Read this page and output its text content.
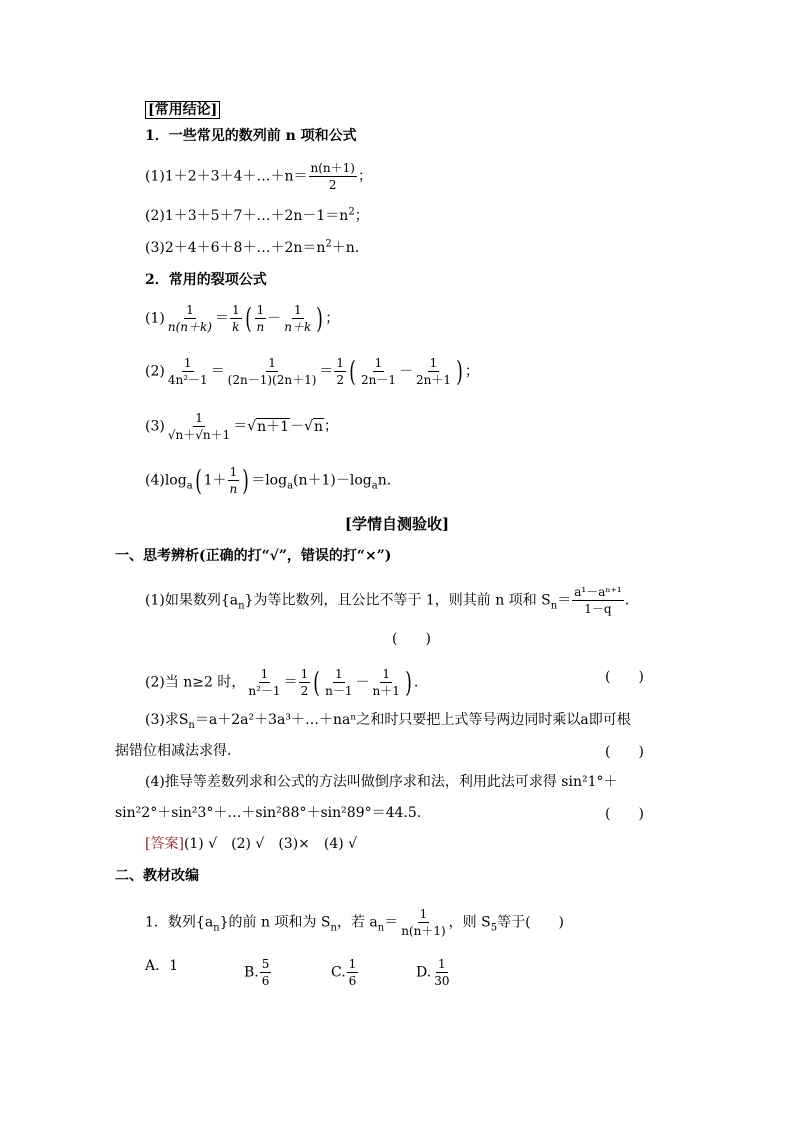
[常用结论]
1．一些常见的数列前 n 项和公式
(1)1＋2＋3＋4＋…＋n＝ $\frac{n(n+1)}{2}$ ；
$(2)1+3+5+7+\dots+2n-1=n^2$；
$(3)2+4+6+8+\dots+2n=n^2+n$.
2．常用的裂项公式
$(1) \frac{1}{n(n+k)} = \frac{1}{k}$ ( $\frac{1}{n} - \frac{1}{n+k}$ ) ；
$(2) \frac{1}{\text{4n²－1}} = \frac{1}{(2n-1)(2n+1)} = \frac{1}{2}$ ( $\frac{1}{2n-1} - \frac{1}{2n+1}$ ) ；
$(3) \frac{1}{√n+√n+1} =√n+1-√n$；
$(4)\log_a$( $1+ \frac{1}{n}$ ) $=\log_a(n+1)-\log_an$.
[学情自测验收]
一、思考辨析(正确的打“√”，错误的打“×”)
(1)如果数列$\{a_n\}$为等比数列，且公比不等于 1，则其前 n 项和 $S_n= \frac{\text{a¹－aⁿ⁺¹}}{1-q}$ .
(　　)
(2)当 n≥2 时， $\frac{1}{\text{n²－1}} = \frac{1}{2}$ ( $\frac{1}{n-1} - \frac{1}{n+1}$ ) .	(　　)
(3)求$S_n=a+2a^2+3a^3+\dots+na^n$之和时只要把上式等号两边同时乘以a即可根
据错位相减法求得．	(　　)
(4)推导等差数列求和公式的方法叫做倒序求和法，利用此法可求得 sin²1°＋
sin²2°＋sin²3°＋…＋sin²88°＋sin²89°＝44.5.	(　　)
[答案](1) √　(2) √　(3)×　(4) √
二、教材改编
1．数列$\{a_n\}$的前 n 项和为 $S_n$，若 $a_n= \frac{1}{n(n+1)}$ ，则 $S_5$等于(　　)
A．1	B. $\frac{5}{6}$	C. $\frac{1}{6}$	D. $\frac{1}{30}$
